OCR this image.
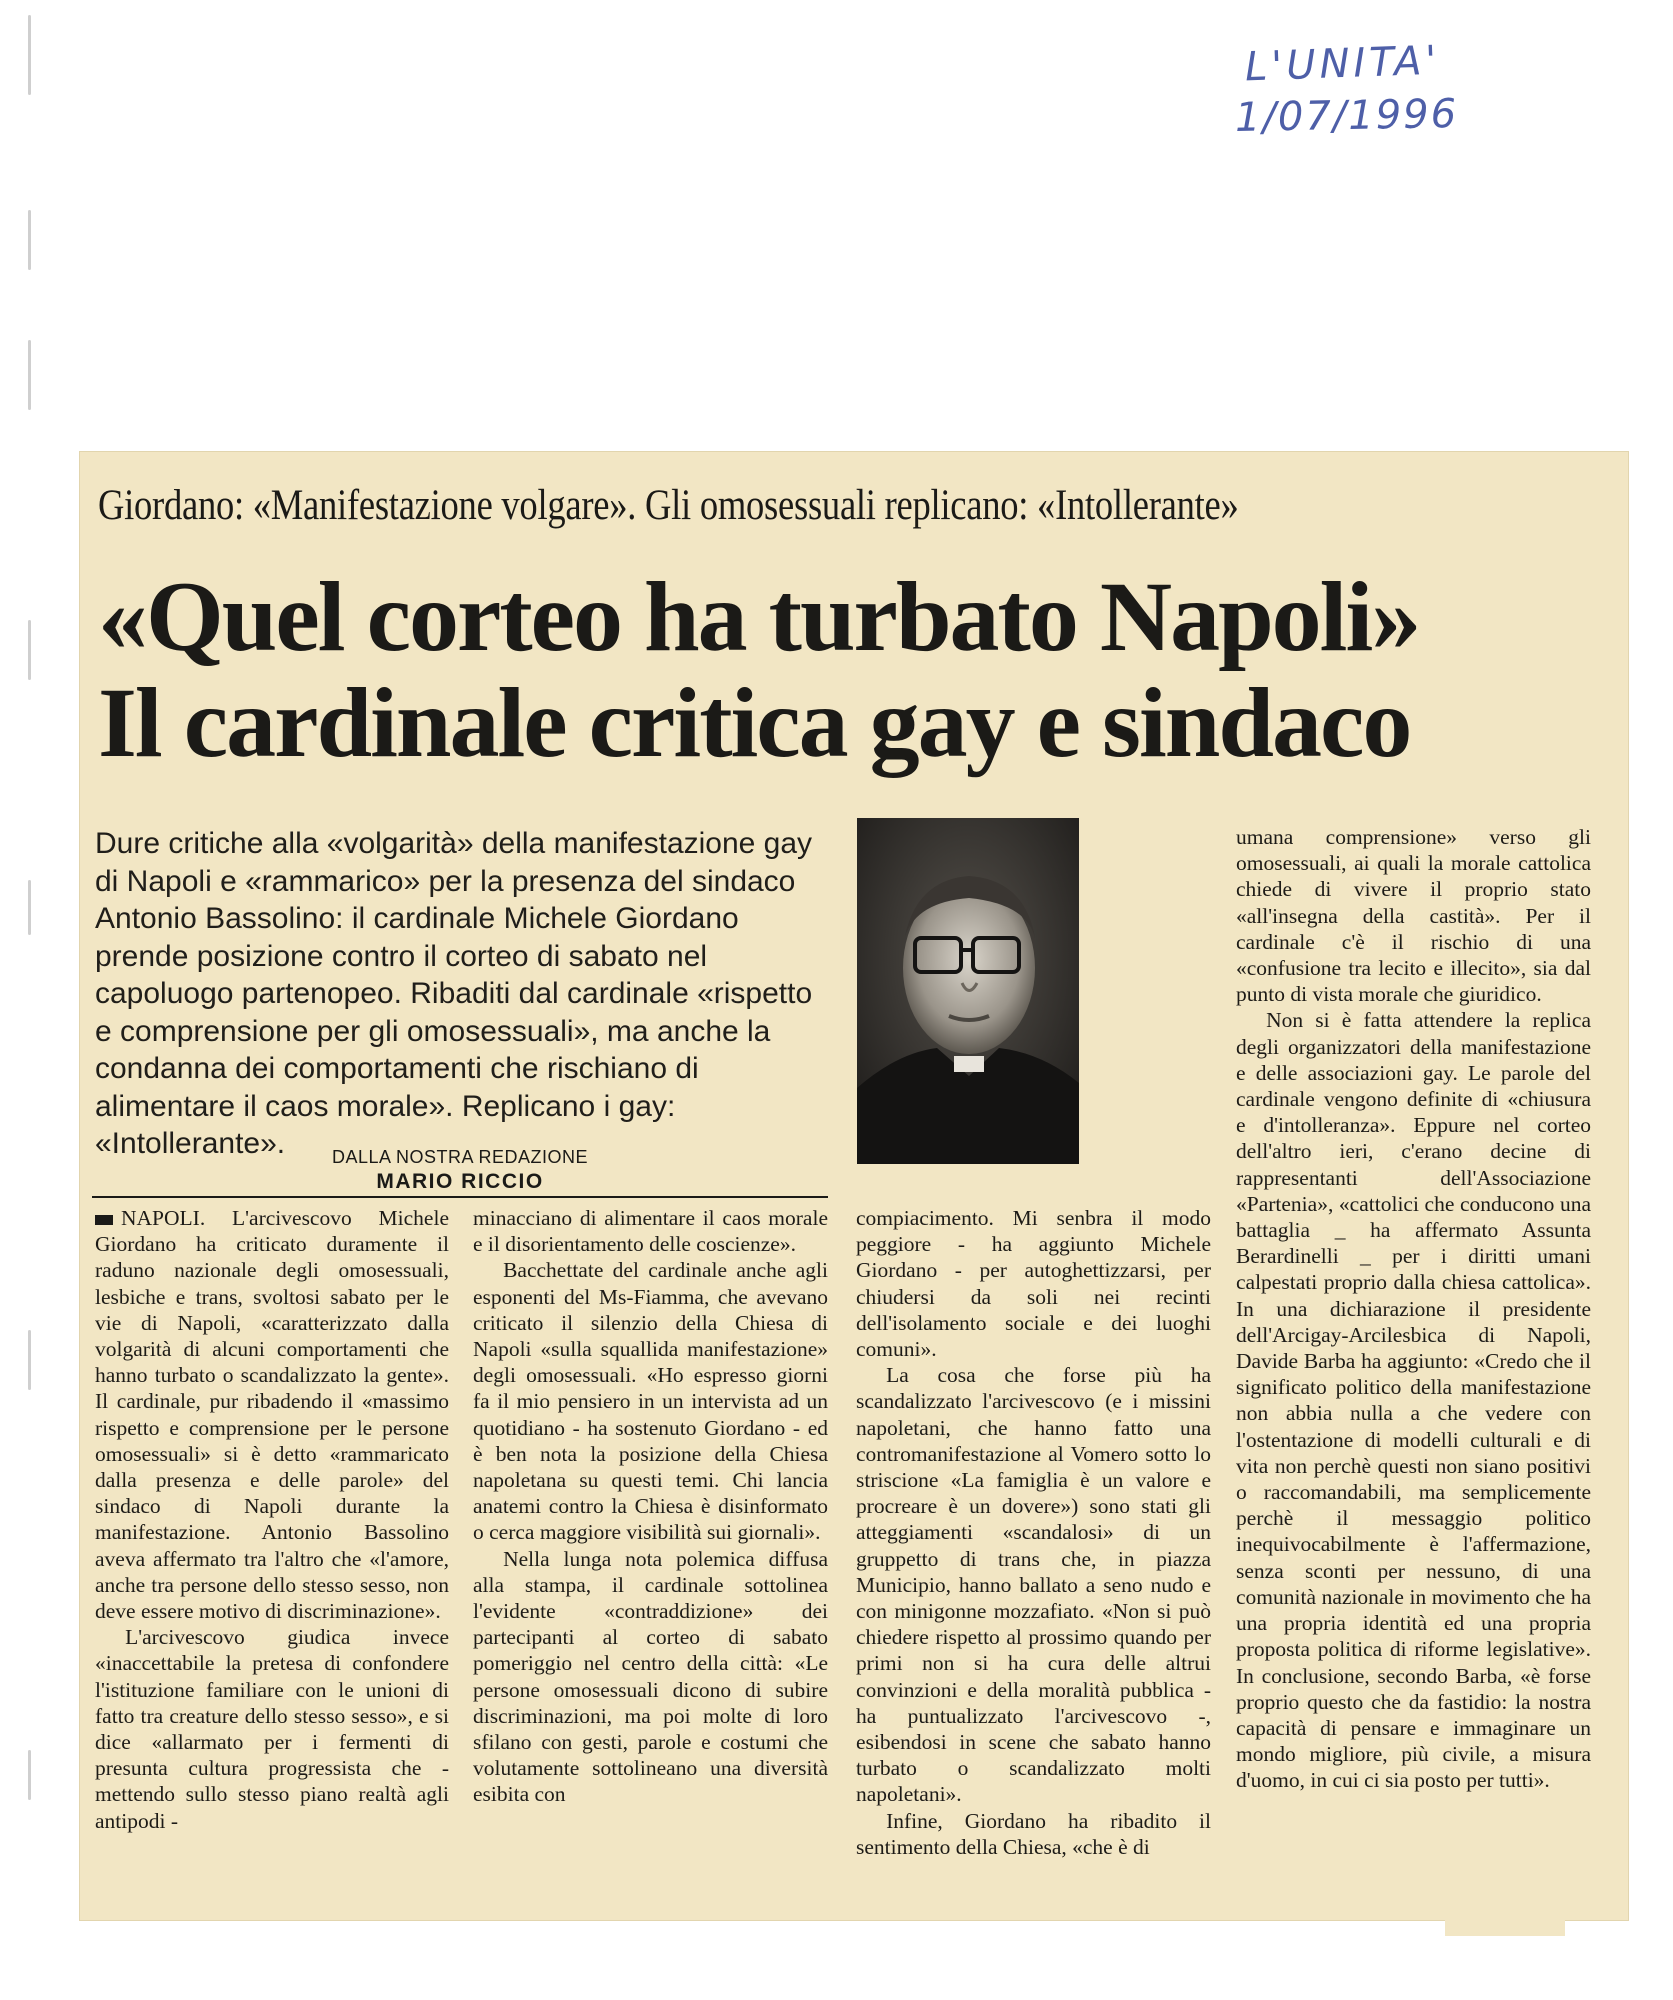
L'UNITA'
1/07/1996
Giordano: «Manifestazione volgare». Gli omosessuali replicano: «Intollerante»
«Quel corteo ha turbato Napoli»
Il cardinale critica gay e sindaco
Dure critiche alla «volgarità» della manifestazione gay di Napoli e «rammarico» per la presenza del sindaco Antonio Bassolino: il cardinale Michele Giordano prende posizione contro il corteo di sabato nel capoluogo partenopeo. Ribaditi dal cardinale «rispetto e comprensione per gli omosessuali», ma anche la condanna dei comportamenti che rischiano di alimentare il caos morale». Replicano i gay: «Intollerante».	DALLA NOSTRA REDAZIONE
MARIO RICCIO

NAPOLI. L'arcivescovo Michele Giordano ha criticato duramente il raduno nazionale degli omosessuali, lesbiche e trans, svoltosi sabato per le vie di Napoli, «caratterizzato dalla volgarità di alcuni comportamenti che hanno turbato o scandalizzato la gente». Il cardinale, pur ribadendo il «massimo rispetto e comprensione per le persone omosessuali» si è detto «rammaricato dalla presenza e delle parole» del sindaco di Napoli durante la manifestazione. Antonio Bassolino aveva affermato tra l'altro che «l'amore, anche tra persone dello stesso sesso, non deve essere motivo di discriminazione».

L'arcivescovo giudica invece «inaccettabile la pretesa di confondere l'istituzione familiare con le unioni di fatto tra creature dello stesso sesso», e si dice «allarmato per i fermenti di presunta cultura progressista che - mettendo sullo stesso piano realtà agli antipodi -

minacciano di alimentare il caos morale e il disorientamento delle coscienze».

Bacchettate del cardinale anche agli esponenti del Ms-Fiamma, che avevano criticato il silenzio della Chiesa di Napoli «sulla squallida manifestazione» degli omosessuali. «Ho espresso giorni fa il mio pensiero in un intervista ad un quotidiano - ha sostenuto Giordano - ed è ben nota la posizione della Chiesa napoletana su questi temi. Chi lancia anatemi contro la Chiesa è disinformato o cerca maggiore visibilità sui giornali».

Nella lunga nota polemica diffusa alla stampa, il cardinale sottolinea l'evidente «contraddizione» dei partecipanti al corteo di sabato pomeriggio nel centro della città: «Le persone omosessuali dicono di subire discriminazioni, ma poi molte di loro sfilano con gesti, parole e costumi che volutamente sottolineano una diversità esibita con

compiacimento. Mi senbra il modo peggiore - ha aggiunto Michele Giordano - per autoghettizzarsi, per chiudersi da soli nei recinti dell'isolamento sociale e dei luoghi comuni».

La cosa che forse più ha scandalizzato l'arcivescovo (e i missini napoletani, che hanno fatto una contromanifestazione al Vomero sotto lo striscione «La famiglia è un valore e procreare è un dovere») sono stati gli atteggiamenti «scandalosi» di un gruppetto di trans che, in piazza Municipio, hanno ballato a seno nudo e con minigonne mozzafiato. «Non si può chiedere rispetto al prossimo quando per primi non si ha cura delle altrui convinzioni e della moralità pubblica - ha puntualizzato l'arcivescovo -, esibendosi in scene che sabato hanno turbato o scandalizzato molti napoletani».

Infine, Giordano ha ribadito il sentimento della Chiesa, «che è di

umana comprensione» verso gli omosessuali, ai quali la morale cattolica chiede di vivere il proprio stato «all'insegna della castità». Per il cardinale c'è il rischio di una «confusione tra lecito e illecito», sia dal punto di vista morale che giuridico.

Non si è fatta attendere la replica degli organizzatori della manifestazione e delle associazioni gay. Le parole del cardinale vengono definite di «chiusura e d'intolleranza». Eppure nel corteo dell'altro ieri, c'erano decine di rappresentanti dell'Associazione «Partenia», «cattolici che conducono una battaglia _ ha affermato Assunta Berardinelli _ per i diritti umani calpestati proprio dalla chiesa cattolica». In una dichiarazione il presidente dell'Arcigay-Arcilesbica di Napoli, Davide Barba ha aggiunto: «Credo che il significato politico della manifestazione non abbia nulla a che vedere con l'ostentazione di modelli culturali e di vita non perchè questi non siano positivi o raccomandabili, ma semplicemente perchè il messaggio politico inequivocabilmente è l'affermazione, senza sconti per nessuno, di una comunità nazionale in movimento che ha una propria identità ed una propria proposta politica di riforme legislative». In conclusione, secondo Barba, «è forse proprio questo che da fastidio: la nostra capacità di pensare e immaginare un mondo migliore, più civile, a misura d'uomo, in cui ci sia posto per tutti».
